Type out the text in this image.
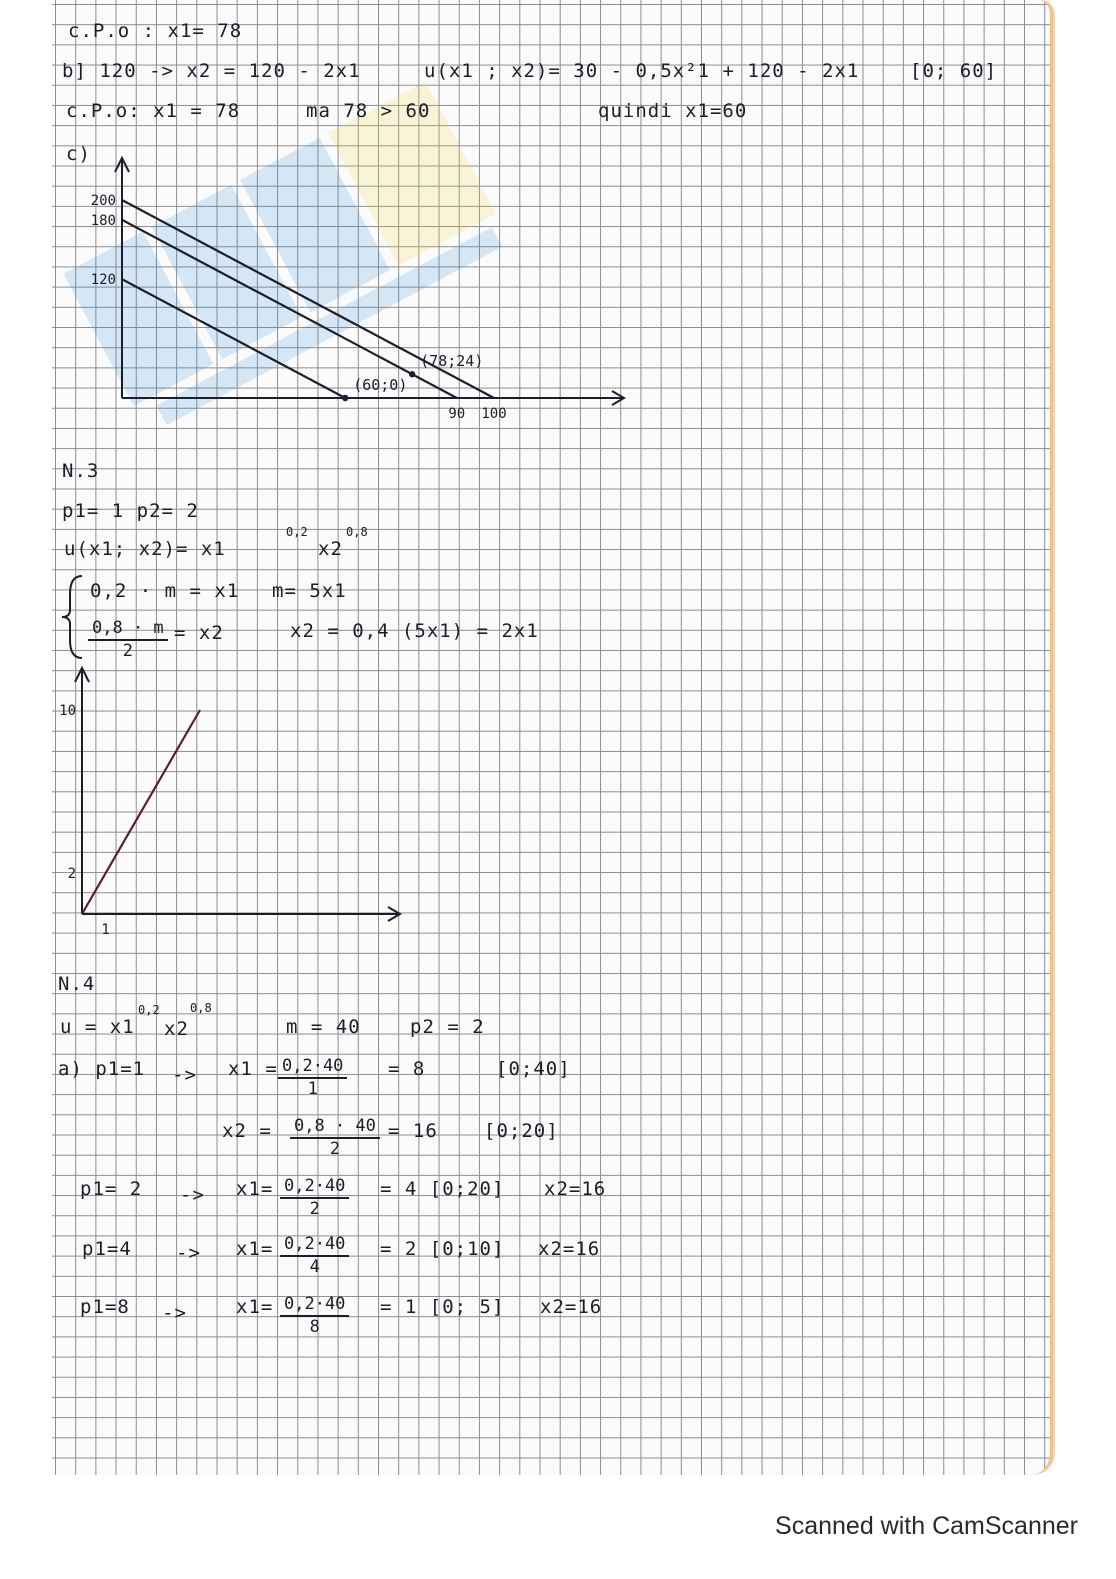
c.P.o : x1= 78
b] 120 -> x2 = 120 - 2x1	u(x1 ; x2)= 30 - 0,5x²1 + 120 - 2x1	[0; 60]
c.P.o: x1 = 78	ma 78 > 60	quindi x1=60
c)
120
180
200
90 100
(60;0)
(78;24)
N.3
p1= 1 p2= 2
u(x1; x2)= x1
0,2
x2
0,8
0,2 · m = x1 m= 5x1
$\frac{0,8 \cdot m}{2} = x2$	x2 = 0,4 (5x1) = 2x1
2
10
1
N.4
u = x1
0,2
x2
0,8
m = 40	p2 = 2
a) $p1=1 -> x1 = \frac{0,2\cdot 40}{1} = 8$	[0;40]
$x2 = \frac{0,8 \cdot 40}{2} = 16$ [0;20]
$p1= 2 -> x1= \frac{0,2\cdot 40}{2} = 4$ [0;20] x2=16
$p1=4 -> x1= \frac{0,2\cdot 40}{4} = 2$ [0;10] x2=16
p1=8 ->	$x1= \frac{0,2\cdot 40}{8} = 1$ [0; 5] x2=16
Scanned with CamScanner
